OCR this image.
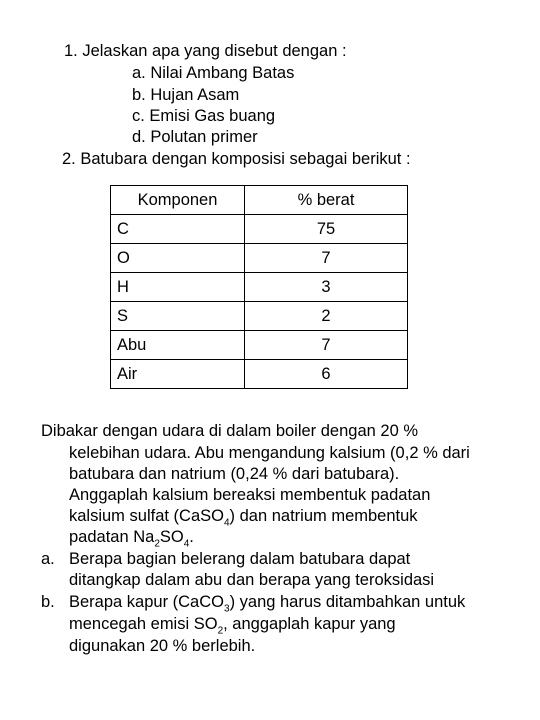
1. Jelaskan apa yang disebut dengan :
a. Nilai Ambang Batas
b. Hujan Asam
c. Emisi Gas buang
d. Polutan primer
2. Batubara dengan komposisi sebagai berikut :
Komponen	% berat
C	75
O	7
H	3
S	2
Abu	7
Air	6
Dibakar dengan udara di dalam boiler dengan 20 %
kelebihan udara. Abu mengandung kalsium (0,2 % dari
batubara dan natrium (0,24 % dari batubara).
Anggaplah kalsium bereaksi membentuk padatan
kalsium sulfat (CaSO$_4$) dan natrium membentuk
padatan $Na_2SO_4$.
a. Berapa bagian belerang dalam batubara dapat
ditangkap dalam abu dan berapa yang teroksidasi
b. Berapa kapur (CaCO$_3$) yang harus ditambahkan untuk
mencegah emisi $SO_2$, anggaplah kapur yang
digunakan 20 % berlebih.
